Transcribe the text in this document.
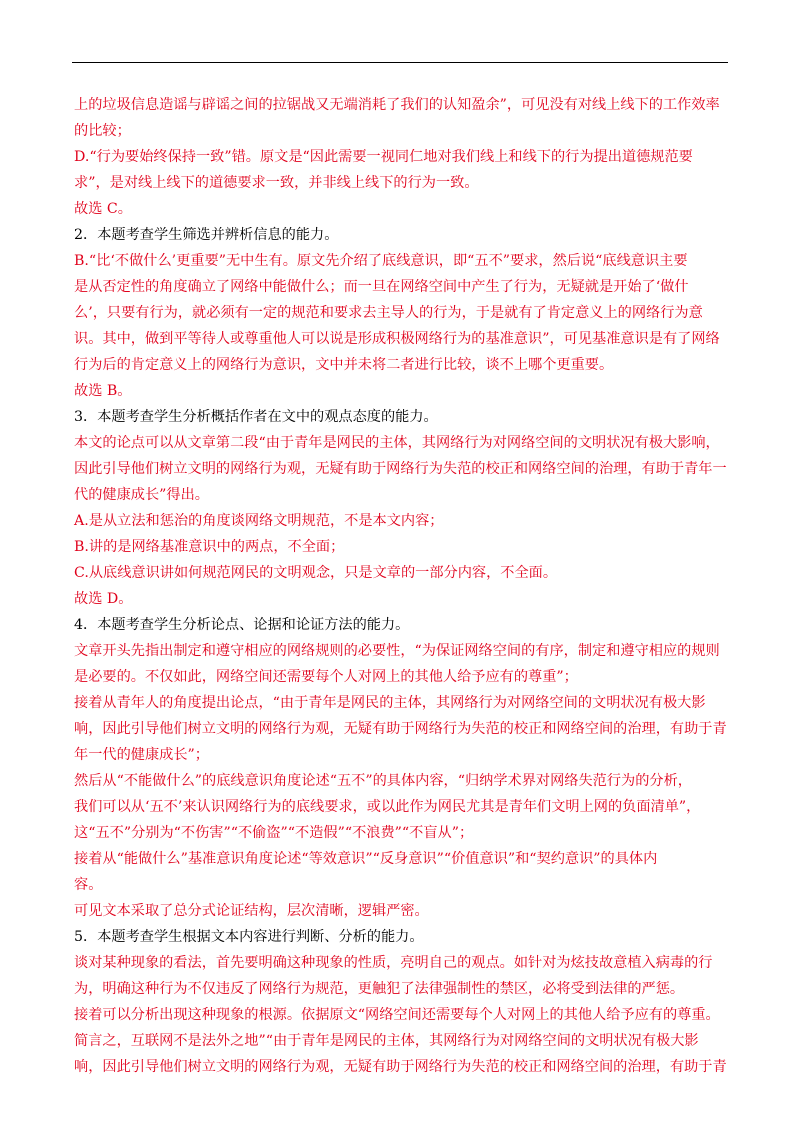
上的垃圾信息造谣与辟谣之间的拉锯战又无端消耗了我们的认知盈余”，可见没有对线上线下的工作效率

的比较；

D.“行为要始终保持一致”错。原文是“因此需要一视同仁地对我们线上和线下的行为提出道德规范要

求”，是对线上线下的道德要求一致，并非线上线下的行为一致。

故选 C。

2．本题考查学生筛选并辨析信息的能力。

B.“比‘不做什么’更重要”无中生有。原文先介绍了底线意识，即“五不”要求，然后说“底线意识主要

是从否定性的角度确立了网络中能做什么；而一旦在网络空间中产生了行为，无疑就是开始了‘做什

么’，只要有行为，就必须有一定的规范和要求去主导人的行为，于是就有了肯定意义上的网络行为意

识。其中，做到平等待人或尊重他人可以说是形成积极网络行为的基准意识”，可见基准意识是有了网络

行为后的肯定意义上的网络行为意识，文中并未将二者进行比较，谈不上哪个更重要。

故选 B。

3．本题考查学生分析概括作者在文中的观点态度的能力。

本文的论点可以从文章第二段“由于青年是网民的主体，其网络行为对网络空间的文明状况有极大影响，

因此引导他们树立文明的网络行为观，无疑有助于网络行为失范的校正和网络空间的治理，有助于青年一

代的健康成长”得出。

A.是从立法和惩治的角度谈网络文明规范，不是本文内容；

B.讲的是网络基准意识中的两点，不全面；

C.从底线意识讲如何规范网民的文明观念，只是文章的一部分内容，不全面。

故选 D。

4．本题考查学生分析论点、论据和论证方法的能力。

文章开头先指出制定和遵守相应的网络规则的必要性，“为保证网络空间的有序，制定和遵守相应的规则

是必要的。不仅如此，网络空间还需要每个人对网上的其他人给予应有的尊重”；

接着从青年人的角度提出论点，“由于青年是网民的主体，其网络行为对网络空间的文明状况有极大影

响，因此引导他们树立文明的网络行为观，无疑有助于网络行为失范的校正和网络空间的治理，有助于青

年一代的健康成长”；

然后从“不能做什么”的底线意识角度论述“五不”的具体内容，“归纳学术界对网络失范行为的分析，

我们可以从‘五不’来认识网络行为的底线要求，或以此作为网民尤其是青年们文明上网的负面清单”，

这“五不”分别为“不伤害”“不偷盗”“不造假”“不浪费”“不盲从”；

接着从“能做什么”基准意识角度论述“等效意识”“反身意识”“价值意识”和“契约意识”的具体内

容。

可见文本采取了总分式论证结构，层次清晰，逻辑严密。

5．本题考查学生根据文本内容进行判断、分析的能力。

谈对某种现象的看法，首先要明确这种现象的性质，亮明自己的观点。如针对为炫技故意植入病毒的行

为，明确这种行为不仅违反了网络行为规范，更触犯了法律强制性的禁区，必将受到法律的严惩。

接着可以分析出现这种现象的根源。依据原文“网络空间还需要每个人对网上的其他人给予应有的尊重。

简言之，互联网不是法外之地”“由于青年是网民的主体，其网络行为对网络空间的文明状况有极大影

响，因此引导他们树立文明的网络行为观，无疑有助于网络行为失范的校正和网络空间的治理，有助于青
